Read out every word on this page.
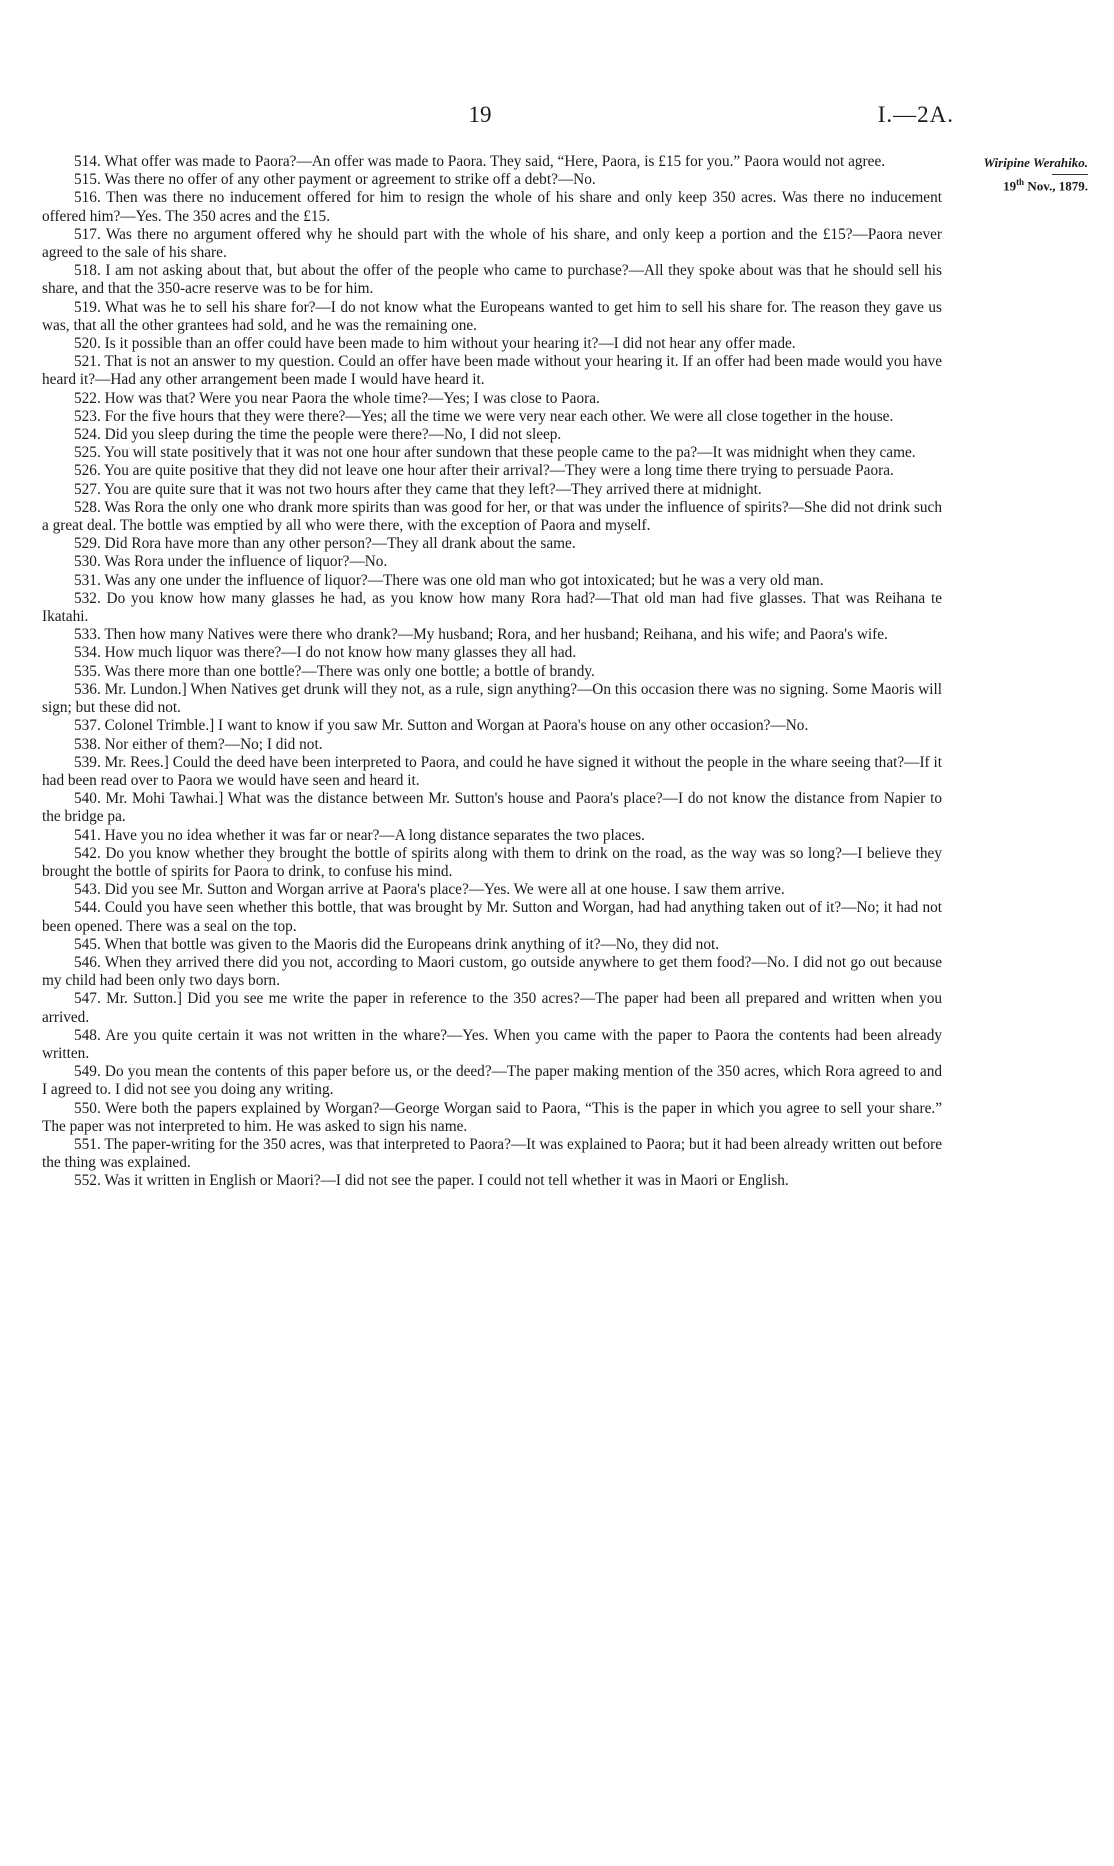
19	I.—2A.
Wiripine Werahiko.
19th Nov., 1879.

514. What offer was made to Paora?—An offer was made to Paora. They said, “Here, Paora, is £15 for you.” Paora would not agree.

515. Was there no offer of any other payment or agreement to strike off a debt?—No.

516. Then was there no inducement offered for him to resign the whole of his share and only keep 350 acres. Was there no inducement offered him?—Yes. The 350 acres and the £15.

517. Was there no argument offered why he should part with the whole of his share, and only keep a portion and the £15?—Paora never agreed to the sale of his share.

518. I am not asking about that, but about the offer of the people who came to purchase?—All they spoke about was that he should sell his share, and that the 350-acre reserve was to be for him.

519. What was he to sell his share for?—I do not know what the Europeans wanted to get him to sell his share for. The reason they gave us was, that all the other grantees had sold, and he was the remaining one.

520. Is it possible than an offer could have been made to him without your hearing it?—I did not hear any offer made.

521. That is not an answer to my question. Could an offer have been made without your hearing it. If an offer had been made would you have heard it?—Had any other arrangement been made I would have heard it.

522. How was that? Were you near Paora the whole time?—Yes; I was close to Paora.

523. For the five hours that they were there?—Yes; all the time we were very near each other. We were all close together in the house.

524. Did you sleep during the time the people were there?—No, I did not sleep.

525. You will state positively that it was not one hour after sundown that these people came to the pa?—It was midnight when they came.

526. You are quite positive that they did not leave one hour after their arrival?—They were a long time there trying to persuade Paora.

527. You are quite sure that it was not two hours after they came that they left?—They arrived there at midnight.

528. Was Rora the only one who drank more spirits than was good for her, or that was under the influence of spirits?—She did not drink such a great deal. The bottle was emptied by all who were there, with the exception of Paora and myself.

529. Did Rora have more than any other person?—They all drank about the same.

530. Was Rora under the influence of liquor?—No.

531. Was any one under the influence of liquor?—There was one old man who got intoxicated; but he was a very old man.

532. Do you know how many glasses he had, as you know how many Rora had?—That old man had five glasses. That was Reihana te Ikatahi.

533. Then how many Natives were there who drank?—My husband; Rora, and her husband; Reihana, and his wife; and Paora's wife.

534. How much liquor was there?—I do not know how many glasses they all had.

535. Was there more than one bottle?—There was only one bottle; a bottle of brandy.

536. Mr. Lundon.] When Natives get drunk will they not, as a rule, sign anything?—On this occasion there was no signing. Some Maoris will sign; but these did not.

537. Colonel Trimble.] I want to know if you saw Mr. Sutton and Worgan at Paora's house on any other occasion?—No.

538. Nor either of them?—No; I did not.

539. Mr. Rees.] Could the deed have been interpreted to Paora, and could he have signed it without the people in the whare seeing that?—If it had been read over to Paora we would have seen and heard it.

540. Mr. Mohi Tawhai.] What was the distance between Mr. Sutton's house and Paora's place?—I do not know the distance from Napier to the bridge pa.

541. Have you no idea whether it was far or near?—A long distance separates the two places.

542. Do you know whether they brought the bottle of spirits along with them to drink on the road, as the way was so long?—I believe they brought the bottle of spirits for Paora to drink, to confuse his mind.

543. Did you see Mr. Sutton and Worgan arrive at Paora's place?—Yes. We were all at one house. I saw them arrive.

544. Could you have seen whether this bottle, that was brought by Mr. Sutton and Worgan, had had anything taken out of it?—No; it had not been opened. There was a seal on the top.

545. When that bottle was given to the Maoris did the Europeans drink anything of it?—No, they did not.

546. When they arrived there did you not, according to Maori custom, go outside anywhere to get them food?—No. I did not go out because my child had been only two days born.

547. Mr. Sutton.] Did you see me write the paper in reference to the 350 acres?—The paper had been all prepared and written when you arrived.

548. Are you quite certain it was not written in the whare?—Yes. When you came with the paper to Paora the contents had been already written.

549. Do you mean the contents of this paper before us, or the deed?—The paper making mention of the 350 acres, which Rora agreed to and I agreed to. I did not see you doing any writing.

550. Were both the papers explained by Worgan?—George Worgan said to Paora, “This is the paper in which you agree to sell your share.” The paper was not interpreted to him. He was asked to sign his name.

551. The paper-writing for the 350 acres, was that interpreted to Paora?—It was explained to Paora; but it had been already written out before the thing was explained.

552. Was it written in English or Maori?—I did not see the paper. I could not tell whether it was in Maori or English.
